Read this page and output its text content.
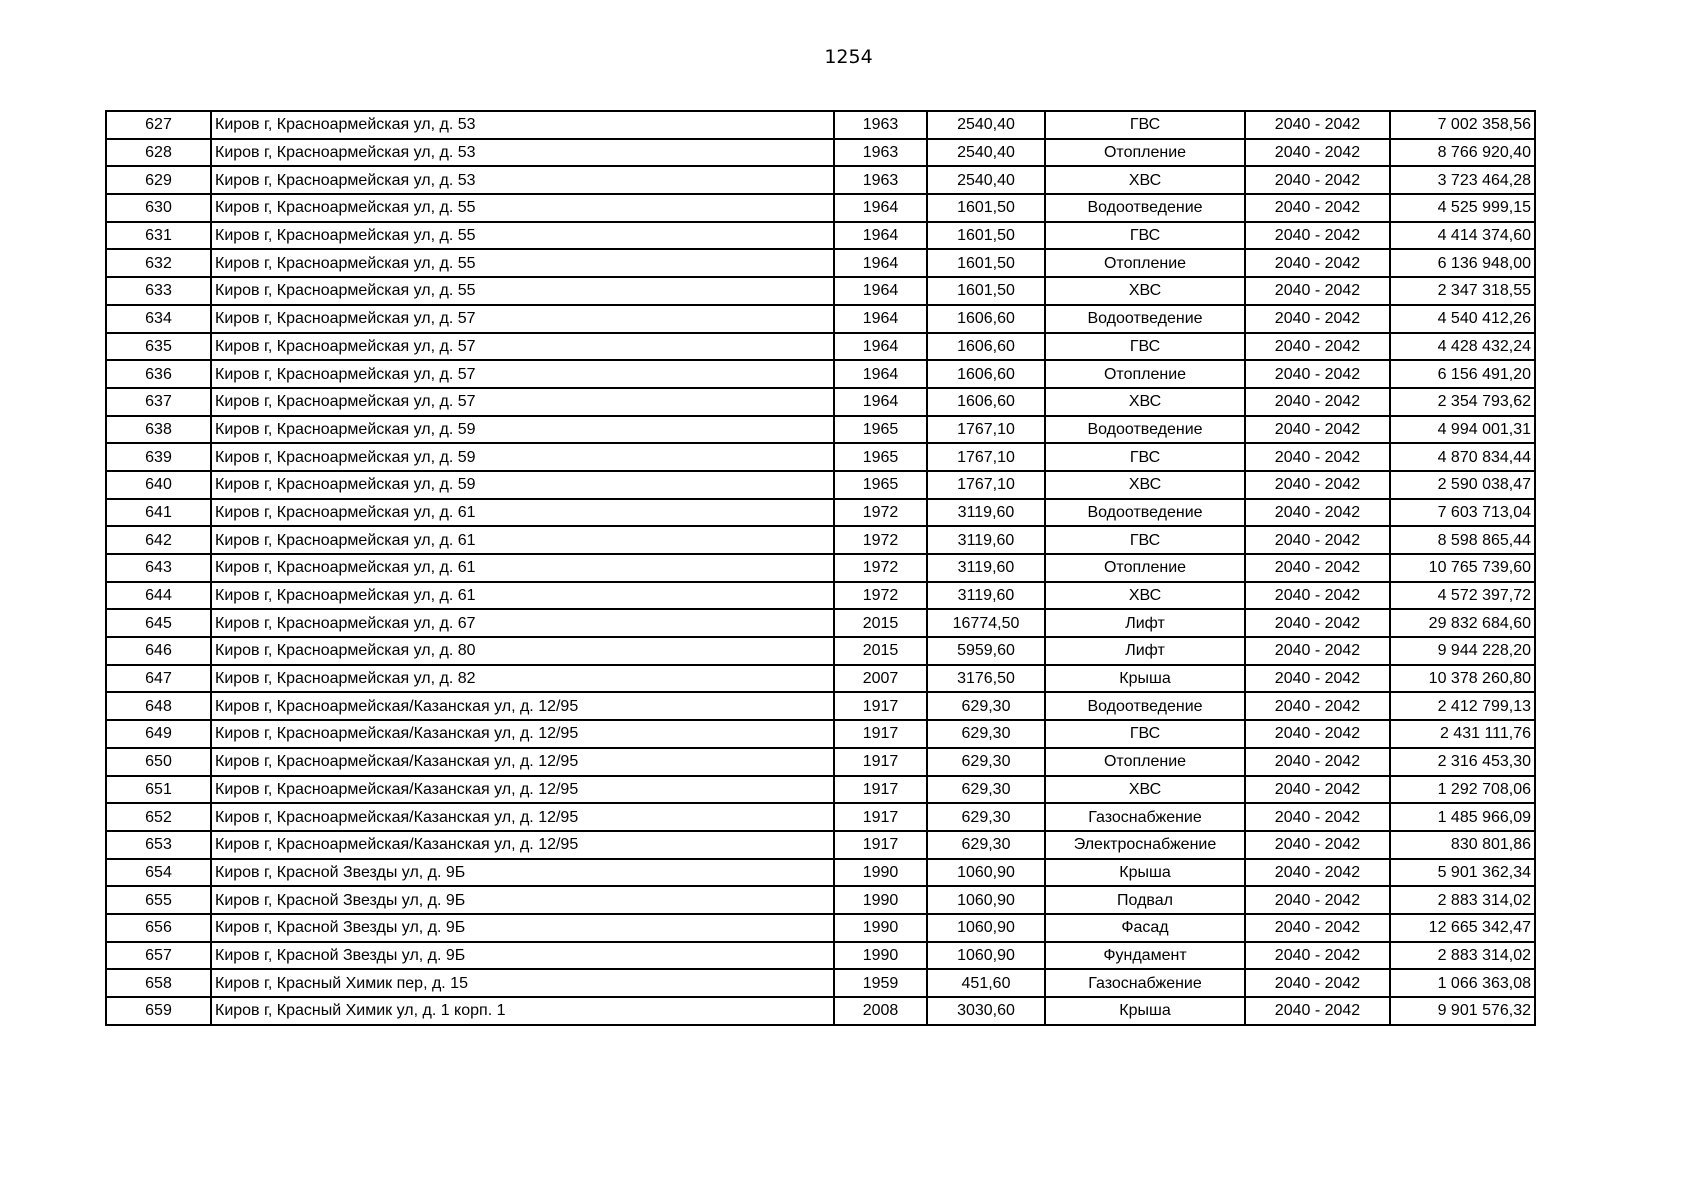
1254
627	Киров г, Красноармейская ул, д. 53	1963	2540,40	ГВС	2040 - 2042	7 002 358,56
628	Киров г, Красноармейская ул, д. 53	1963	2540,40	Отопление	2040 - 2042	8 766 920,40
629	Киров г, Красноармейская ул, д. 53	1963	2540,40	ХВС	2040 - 2042	3 723 464,28
630	Киров г, Красноармейская ул, д. 55	1964	1601,50	Водоотведение	2040 - 2042	4 525 999,15
631	Киров г, Красноармейская ул, д. 55	1964	1601,50	ГВС	2040 - 2042	4 414 374,60
632	Киров г, Красноармейская ул, д. 55	1964	1601,50	Отопление	2040 - 2042	6 136 948,00
633	Киров г, Красноармейская ул, д. 55	1964	1601,50	ХВС	2040 - 2042	2 347 318,55
634	Киров г, Красноармейская ул, д. 57	1964	1606,60	Водоотведение	2040 - 2042	4 540 412,26
635	Киров г, Красноармейская ул, д. 57	1964	1606,60	ГВС	2040 - 2042	4 428 432,24
636	Киров г, Красноармейская ул, д. 57	1964	1606,60	Отопление	2040 - 2042	6 156 491,20
637	Киров г, Красноармейская ул, д. 57	1964	1606,60	ХВС	2040 - 2042	2 354 793,62
638	Киров г, Красноармейская ул, д. 59	1965	1767,10	Водоотведение	2040 - 2042	4 994 001,31
639	Киров г, Красноармейская ул, д. 59	1965	1767,10	ГВС	2040 - 2042	4 870 834,44
640	Киров г, Красноармейская ул, д. 59	1965	1767,10	ХВС	2040 - 2042	2 590 038,47
641	Киров г, Красноармейская ул, д. 61	1972	3119,60	Водоотведение	2040 - 2042	7 603 713,04
642	Киров г, Красноармейская ул, д. 61	1972	3119,60	ГВС	2040 - 2042	8 598 865,44
643	Киров г, Красноармейская ул, д. 61	1972	3119,60	Отопление	2040 - 2042	10 765 739,60
644	Киров г, Красноармейская ул, д. 61	1972	3119,60	ХВС	2040 - 2042	4 572 397,72
645	Киров г, Красноармейская ул, д. 67	2015	16774,50	Лифт	2040 - 2042	29 832 684,60
646	Киров г, Красноармейская ул, д. 80	2015	5959,60	Лифт	2040 - 2042	9 944 228,20
647	Киров г, Красноармейская ул, д. 82	2007	3176,50	Крыша	2040 - 2042	10 378 260,80
648	Киров г, Красноармейская/Казанская ул, д. 12/95	1917	629,30	Водоотведение	2040 - 2042	2 412 799,13
649	Киров г, Красноармейская/Казанская ул, д. 12/95	1917	629,30	ГВС	2040 - 2042	2 431 111,76
650	Киров г, Красноармейская/Казанская ул, д. 12/95	1917	629,30	Отопление	2040 - 2042	2 316 453,30
651	Киров г, Красноармейская/Казанская ул, д. 12/95	1917	629,30	ХВС	2040 - 2042	1 292 708,06
652	Киров г, Красноармейская/Казанская ул, д. 12/95	1917	629,30	Газоснабжение	2040 - 2042	1 485 966,09
653	Киров г, Красноармейская/Казанская ул, д. 12/95	1917	629,30	Электроснабжение	2040 - 2042	830 801,86
654	Киров г, Красной Звезды ул, д. 9Б	1990	1060,90	Крыша	2040 - 2042	5 901 362,34
655	Киров г, Красной Звезды ул, д. 9Б	1990	1060,90	Подвал	2040 - 2042	2 883 314,02
656	Киров г, Красной Звезды ул, д. 9Б	1990	1060,90	Фасад	2040 - 2042	12 665 342,47
657	Киров г, Красной Звезды ул, д. 9Б	1990	1060,90	Фундамент	2040 - 2042	2 883 314,02
658	Киров г, Красный Химик пер, д. 15	1959	451,60	Газоснабжение	2040 - 2042	1 066 363,08
659	Киров г, Красный Химик ул, д. 1 корп. 1	2008	3030,60	Крыша	2040 - 2042	9 901 576,32
